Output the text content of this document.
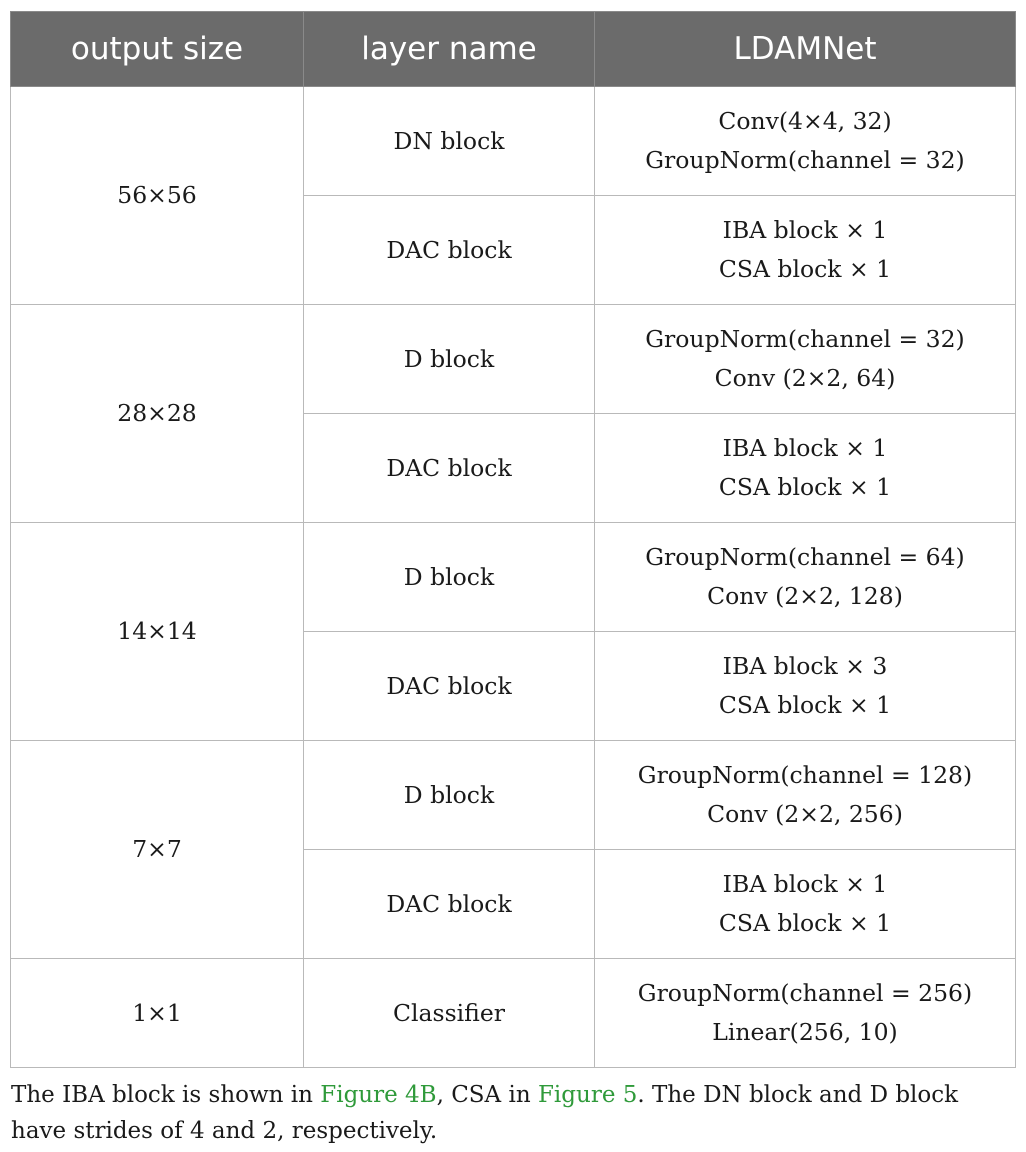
output size	layer name	LDAMNet
56×56	DN block	Conv(4×4, 32)
GroupNorm(channel = 32)

	DAC block	IBA block × 1
CSA block × 1

28×28	D block	GroupNorm(channel = 32)
Conv (2×2, 64)

	DAC block	IBA block × 1
CSA block × 1

14×14	D block	GroupNorm(channel = 64)
Conv (2×2, 128)

	DAC block	IBA block × 3
CSA block × 1

7×7	D block	GroupNorm(channel = 128)
Conv (2×2, 256)

	DAC block	IBA block × 1
CSA block × 1

1×1	Classifier	GroupNorm(channel = 256)
Linear(256, 10)
The IBA block is shown in Figure 4B, CSA in Figure 5. The DN block and D block have strides of 4 and 2, respectively.
